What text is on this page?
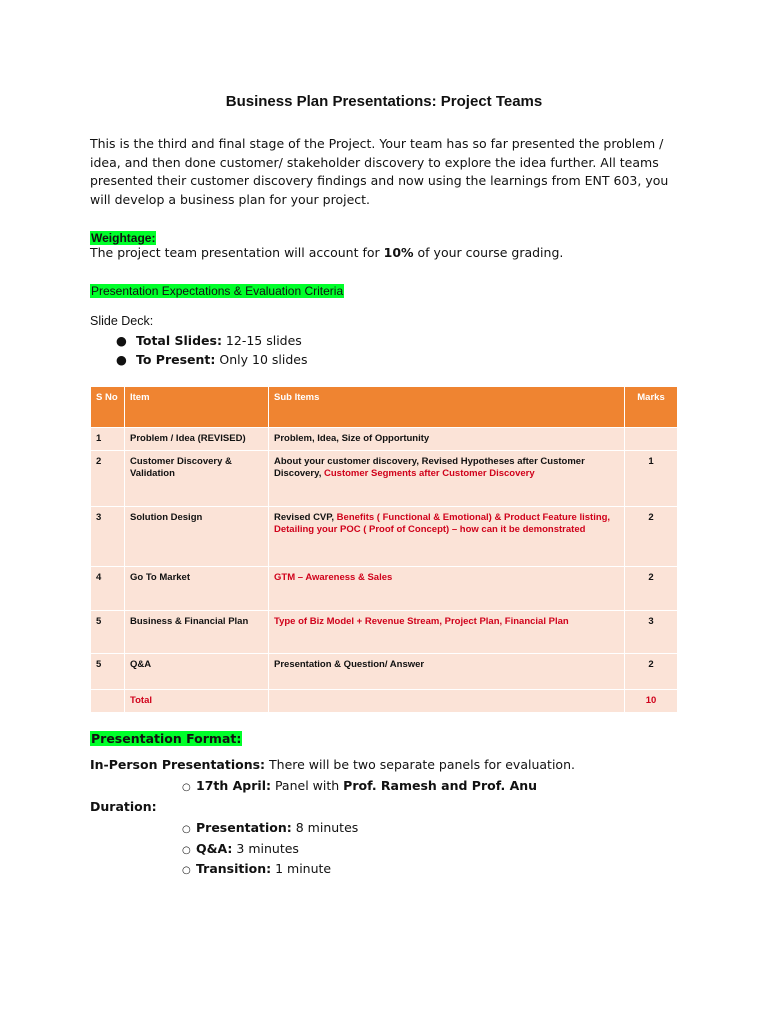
Business Plan Presentations: Project Teams
This is the third and final stage of the Project. Your team has so far presented the problem / idea, and then done customer/ stakeholder discovery to explore the idea further. All teams presented their customer discovery findings and now using the learnings from ENT 603, you will develop a business plan for your project.
Weightage:
The project team presentation will account for 10% of your course grading.
Presentation Expectations & Evaluation Criteria
Slide Deck:
● Total Slides: 12-15 slides
● To Present: Only 10 slides
S No	Item	Sub Items	Marks
1	Problem / Idea (REVISED)	Problem, Idea, Size of Opportunity	
2	Customer Discovery & Validation	About your customer discovery, Revised Hypotheses after Customer Discovery, Customer Segments after Customer Discovery	1
3	Solution Design	Revised CVP, Benefits ( Functional & Emotional) & Product Feature listing, Detailing your POC ( Proof of Concept) – how can it be demonstrated	2
4	Go To Market	GTM – Awareness & Sales	2
5	Business & Financial Plan	Type of Biz Model + Revenue Stream, Project Plan, Financial Plan	3
5	Q&A	Presentation & Question/ Answer	2
	Total		10
Presentation Format:
In-Person Presentations: There will be two separate panels for evaluation.
○ 17th April: Panel with Prof. Ramesh and Prof. Anu
Duration:
○ Presentation: 8 minutes
○ Q&A: 3 minutes
○ Transition: 1 minute
